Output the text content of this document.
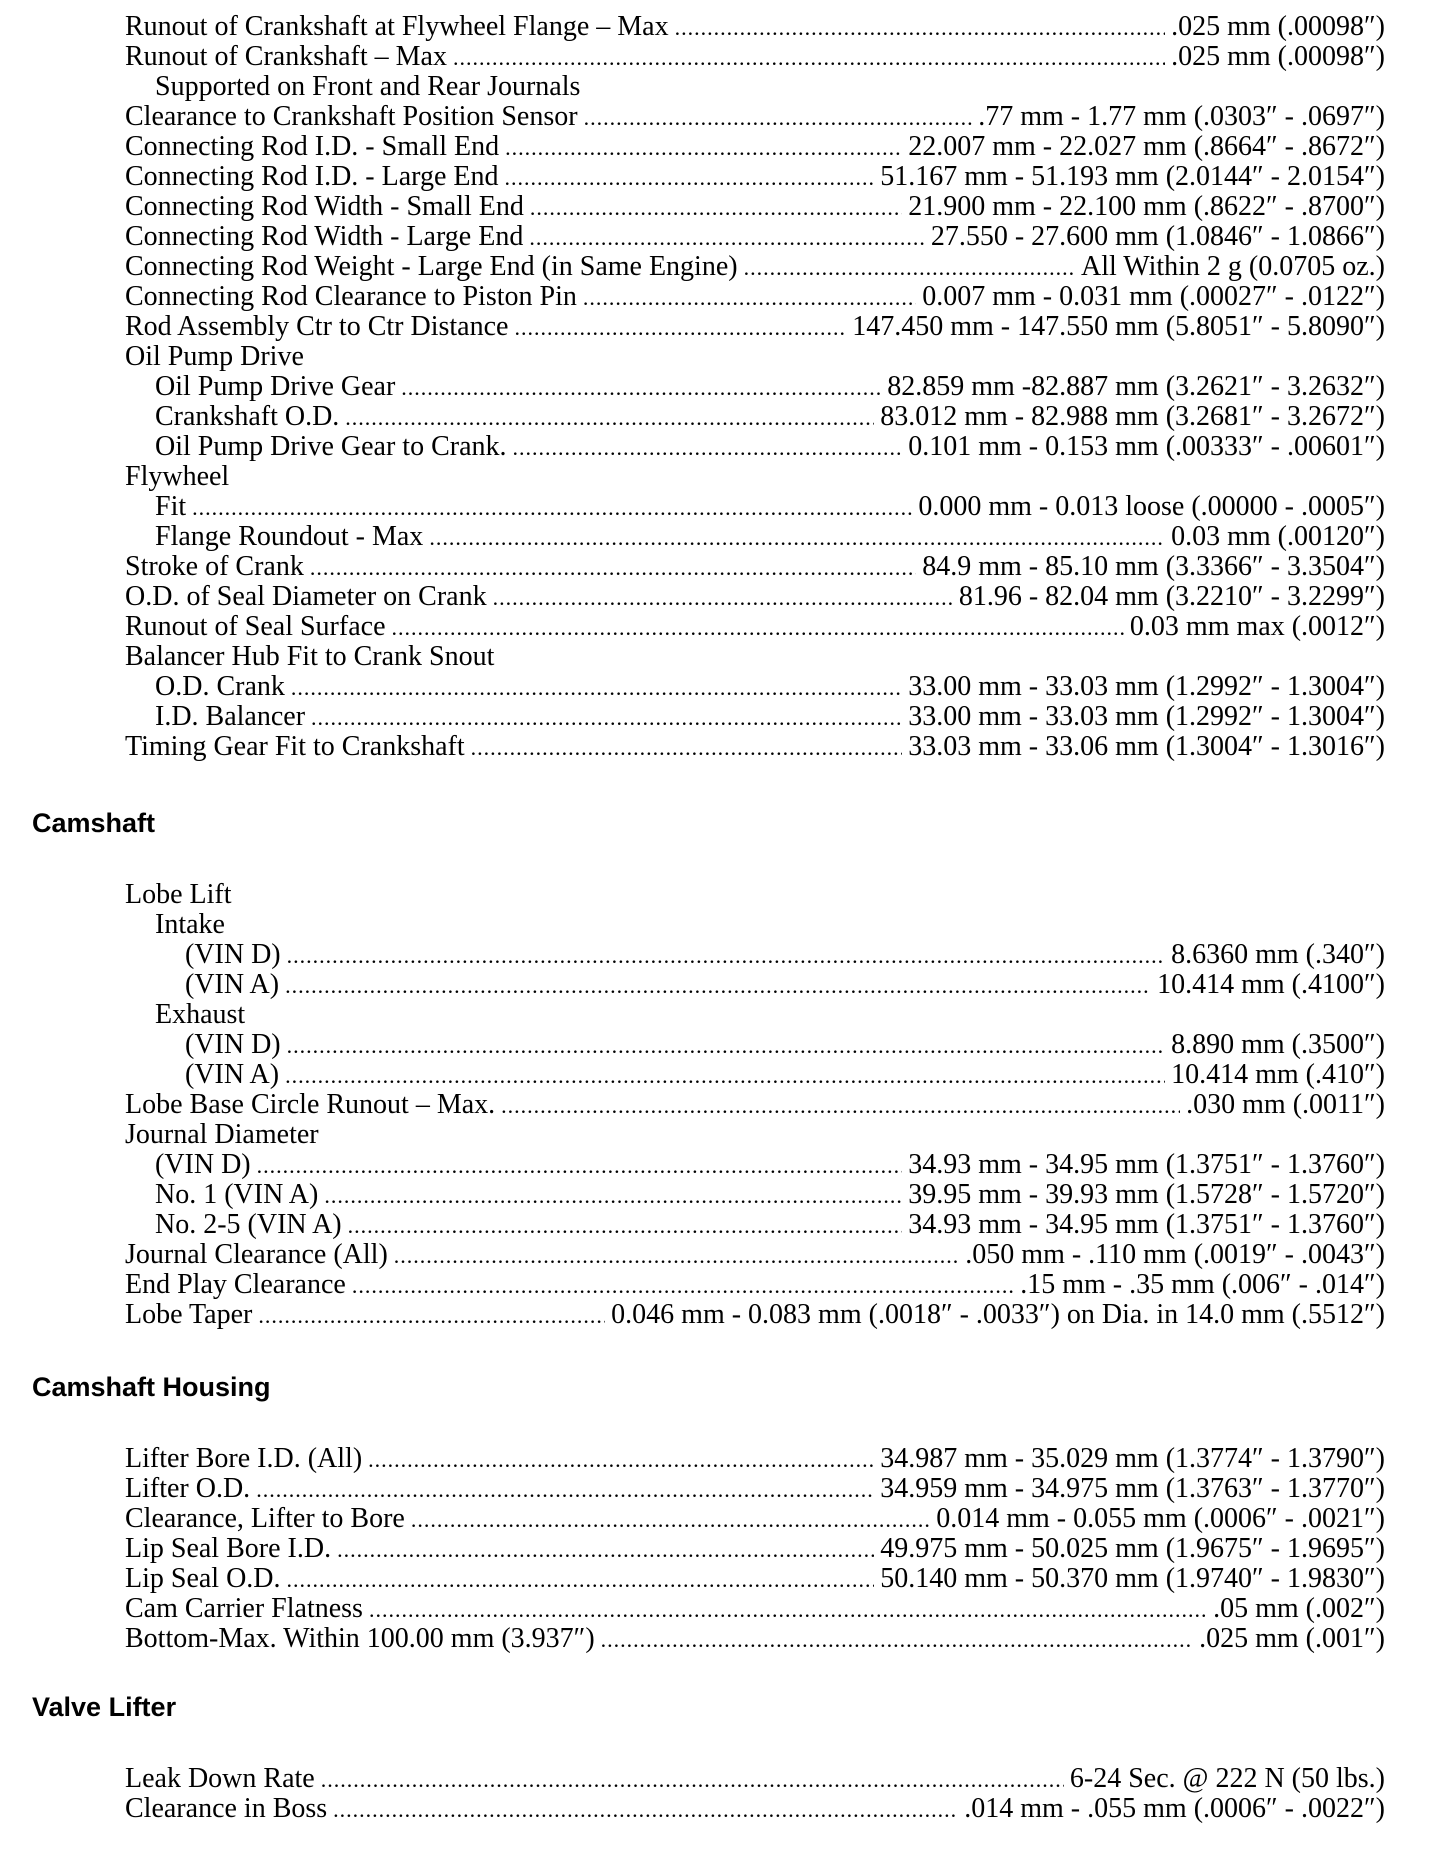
Runout of Crankshaft at Flywheel Flange – Max .....	.025 mm (.00098″)
Runout of Crankshaft – Max .....	.025 mm (.00098″)
Supported on Front and Rear Journals
Clearance to Crankshaft Position Sensor .....	.77 mm - 1.77 mm (.0303″ - .0697″)
Connecting Rod I.D. - Small End .....	22.007 mm - 22.027 mm (.8664″ - .8672″)
Connecting Rod I.D. - Large End .....	51.167 mm - 51.193 mm (2.0144″ - 2.0154″)
Connecting Rod Width - Small End .....	21.900 mm - 22.100 mm (.8622″ - .8700″)
Connecting Rod Width - Large End .....	27.550 - 27.600 mm (1.0846″ - 1.0866″)
Connecting Rod Weight - Large End (in Same Engine) .....	All Within 2 g (0.0705 oz.)
Connecting Rod Clearance to Piston Pin .....	0.007 mm - 0.031 mm (.00027″ - .0122″)
Rod Assembly Ctr to Ctr Distance .....	147.450 mm - 147.550 mm (5.8051″ - 5.8090″)
Oil Pump Drive
Oil Pump Drive Gear .....	82.859 mm -82.887 mm (3.2621″ - 3.2632″)
Crankshaft O.D. .....	83.012 mm - 82.988 mm (3.2681″ - 3.2672″)
Oil Pump Drive Gear to Crank. .....	0.101 mm - 0.153 mm (.00333″ - .00601″)
Flywheel
Fit .....	0.000 mm - 0.013 loose (.00000 - .0005″)
Flange Roundout - Max .....	0.03 mm (.00120″)
Stroke of Crank .....	84.9 mm - 85.10 mm (3.3366″ - 3.3504″)
O.D. of Seal Diameter on Crank .....	81.96 - 82.04 mm (3.2210″ - 3.2299″)
Runout of Seal Surface .....	0.03 mm max (.0012″)
Balancer Hub Fit to Crank Snout
O.D. Crank .....	33.00 mm - 33.03 mm (1.2992″ - 1.3004″)
I.D. Balancer .....	33.00 mm - 33.03 mm (1.2992″ - 1.3004″)
Timing Gear Fit to Crankshaft .....	33.03 mm - 33.06 mm (1.3004″ - 1.3016″)
Camshaft
Lobe Lift
Intake
(VIN D) .....	8.6360 mm (.340″)
(VIN A) .....	10.414 mm (.4100″)
Exhaust
(VIN D) .....	8.890 mm (.3500″)
(VIN A) .....	10.414 mm (.410″)
Lobe Base Circle Runout – Max. .....	.030 mm (.0011″)
Journal Diameter
(VIN D) .....	34.93 mm - 34.95 mm (1.3751″ - 1.3760″)
No. 1 (VIN A) .....	39.95 mm - 39.93 mm (1.5728″ - 1.5720″)
No. 2-5 (VIN A) .....	34.93 mm - 34.95 mm (1.3751″ - 1.3760″)
Journal Clearance (All) .....	.050 mm - .110 mm (.0019″ - .0043″)
End Play Clearance .....	.15 mm - .35 mm (.006″ - .014″)
Lobe Taper .....	0.046 mm - 0.083 mm (.0018″ - .0033″) on Dia. in 14.0 mm (.5512″)
Camshaft Housing
Lifter Bore I.D. (All) .....	34.987 mm - 35.029 mm (1.3774″ - 1.3790″)
Lifter O.D. .....	34.959 mm - 34.975 mm (1.3763″ - 1.3770″)
Clearance, Lifter to Bore .....	0.014 mm - 0.055 mm (.0006″ - .0021″)
Lip Seal Bore I.D. .....	49.975 mm - 50.025 mm (1.9675″ - 1.9695″)
Lip Seal O.D. .....	50.140 mm - 50.370 mm (1.9740″ - 1.9830″)
Cam Carrier Flatness .....	.05 mm (.002″)
Bottom-Max. Within 100.00 mm (3.937″) .....	.025 mm (.001″)
Valve Lifter
Leak Down Rate .....	6-24 Sec. @ 222 N (50 lbs.)
Clearance in Boss .....	.014 mm - .055 mm (.0006″ - .0022″)
